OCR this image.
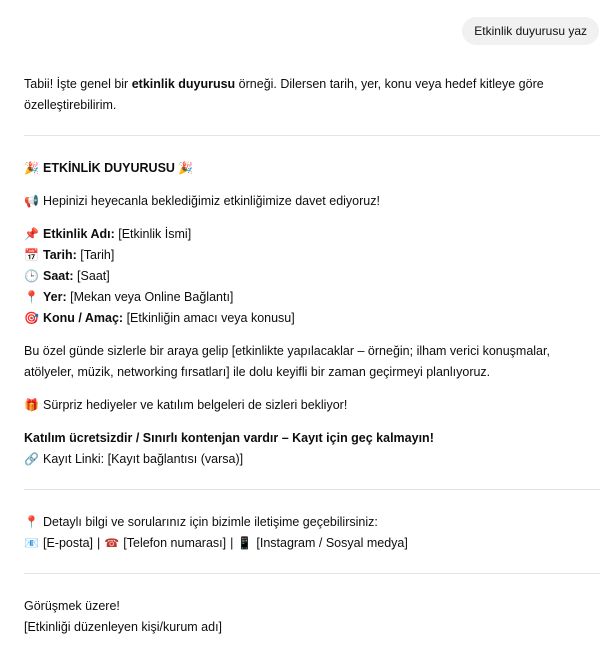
Etkinlik duyurusu yaz

Tabii! İşte genel bir etkinlik duyurusu örneği. Dilersen tarih, yer, konu veya hedef kitleye göre özelleştirebilirim.

🎉 ETKİNLİK DUYURUSU 🎉
📢 Hepinizi heyecanla beklediğimiz etkinliğimize davet ediyoruz!
📌 Etkinlik Adı: [Etkinlik İsmi]
📅 Tarih: [Tarih]
🕒 Saat: [Saat]
📍 Yer: [Mekan veya Online Bağlantı]
🎯 Konu / Amaç: [Etkinliğin amacı veya konusu]

Bu özel günde sizlerle bir araya gelip [etkinlikte yapılacaklar – örneğin; ilham verici konuşmalar, atölyeler, müzik, networking fırsatları] ile dolu keyifli bir zaman geçirmeyi planlıyoruz.

🎁 Sürpriz hediyeler ve katılım belgeleri de sizleri bekliyor!
Katılım ücretsizdir / Sınırlı kontenjan vardır – Kayıt için geç kalmayın!
🔗 Kayıt Linki: [Kayıt bağlantısı (varsa)]
📍 Detaylı bilgi ve sorularınız için bizimle iletişime geçebilirsiniz:
📧 [E-posta] | ☎ [Telefon numarası] | 📱 [Instagram / Sosyal medya]
Görüşmek üzere!
[Etkinliği düzenleyen kişi/kurum adı]
